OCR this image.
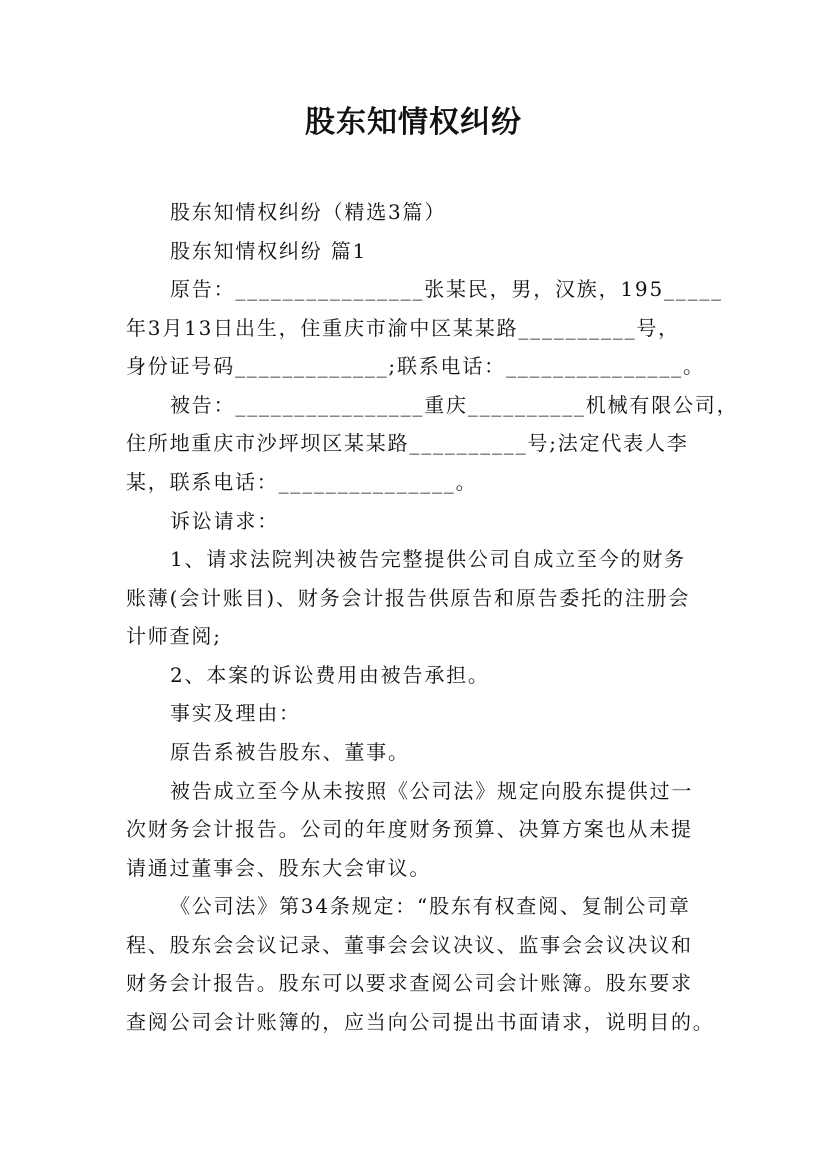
股东知情权纠纷
股东知情权纠纷（精选3篇）
股东知情权纠纷 篇1
原告：________________张某民，男，汉族，195_____
年3月13日出生，住重庆市渝中区某某路__________号，
身份证号码_____________;联系电话：_______________。
被告：________________重庆__________机械有限公司，
住所地重庆市沙坪坝区某某路__________号;法定代表人李
某，联系电话：_______________。
诉讼请求：
1、请求法院判决被告完整提供公司自成立至今的财务
账薄(会计账目)、财务会计报告供原告和原告委托的注册会
计师查阅;
2、本案的诉讼费用由被告承担。
事实及理由：
原告系被告股东、董事。
被告成立至今从未按照《公司法》规定向股东提供过一
次财务会计报告。公司的年度财务预算、决算方案也从未提
请通过董事会、股东大会审议。
《公司法》第34条规定：“股东有权查阅、复制公司章
程、股东会会议记录、董事会会议决议、监事会会议决议和
财务会计报告。股东可以要求查阅公司会计账簿。股东要求
查阅公司会计账簿的，应当向公司提出书面请求，说明目的。
